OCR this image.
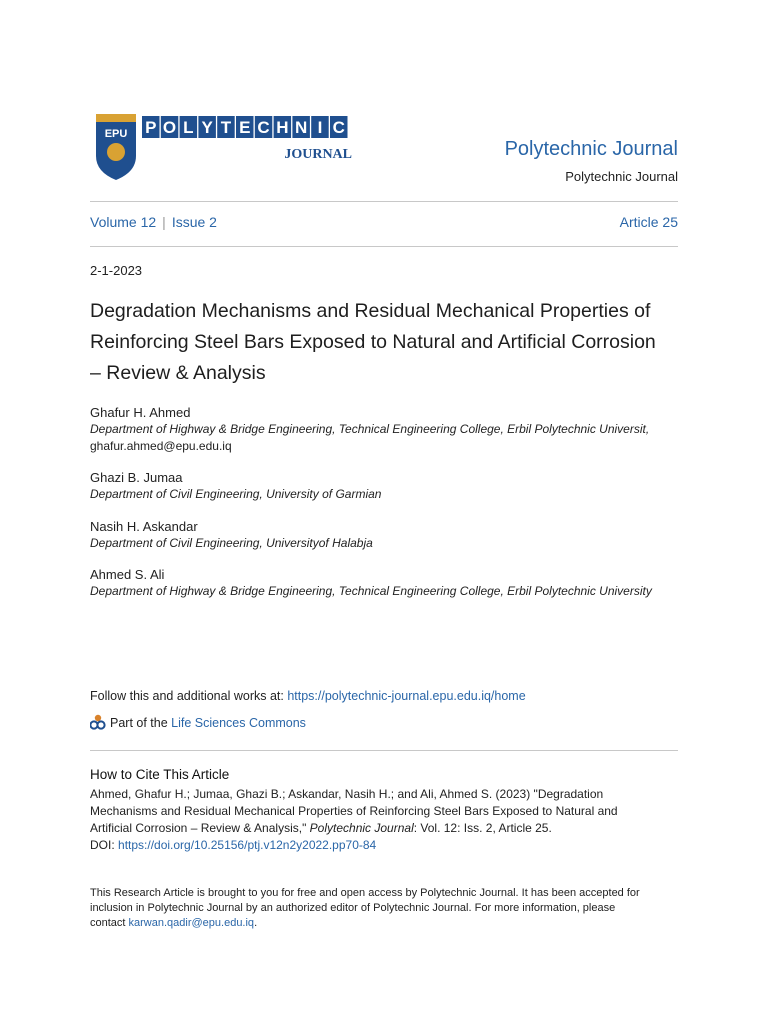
EPU P O L Y T E C H N I C
JOURNAL	Polytechnic Journal
Polytechnic Journal
Volume 12 | Issue 2	Article 25
2-1-2023
Degradation Mechanisms and Residual Mechanical Properties of
Reinforcing Steel Bars Exposed to Natural and Artificial Corrosion
– Review & Analysis
Ghafur H. Ahmed
Department of Highway & Bridge Engineering, Technical Engineering College, Erbil Polytechnic Universit,
ghafur.ahmed@epu.edu.iq
Ghazi B. Jumaa
Department of Civil Engineering, University of Garmian
Nasih H. Askandar
Department of Civil Engineering, Universityof Halabja
Ahmed S. Ali
Department of Highway & Bridge Engineering, Technical Engineering College, Erbil Polytechnic University
Follow this and additional works at: https://polytechnic-journal.epu.edu.iq/home
Part of the Life Sciences Commons
How to Cite This Article
Ahmed, Ghafur H.; Jumaa, Ghazi B.; Askandar, Nasih H.; and Ali, Ahmed S. (2023) "Degradation
Mechanisms and Residual Mechanical Properties of Reinforcing Steel Bars Exposed to Natural and
Artificial Corrosion – Review & Analysis," Polytechnic Journal: Vol. 12: Iss. 2, Article 25.
DOI: https://doi.org/10.25156/ptj.v12n2y2022.pp70-84
This Research Article is brought to you for free and open access by Polytechnic Journal. It has been accepted for
inclusion in Polytechnic Journal by an authorized editor of Polytechnic Journal. For more information, please
contact karwan.qadir@epu.edu.iq.
